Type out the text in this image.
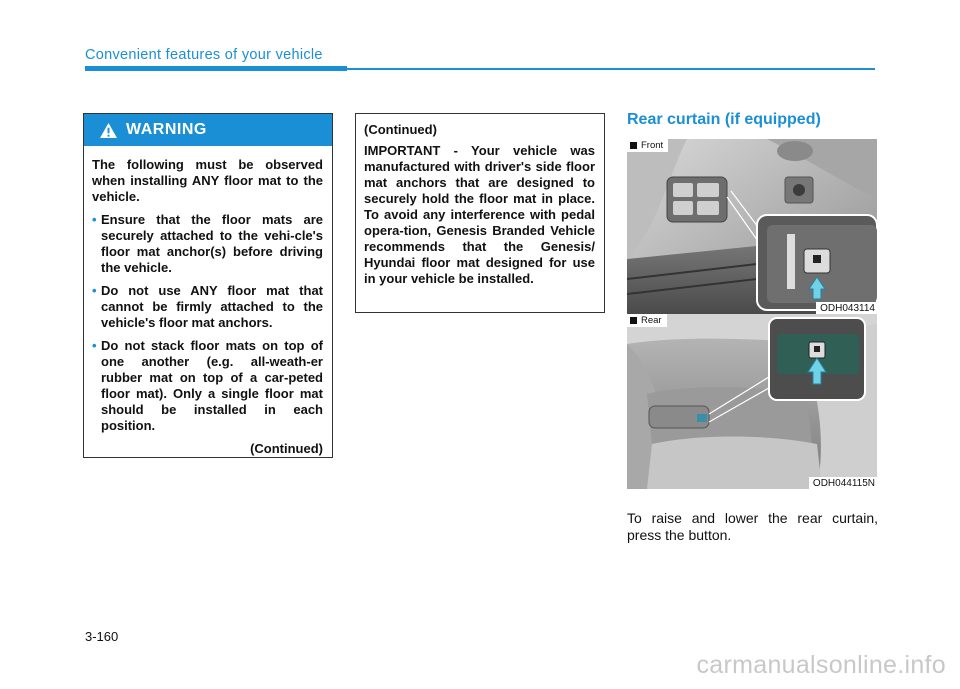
Convenient features of your vehicle
WARNING

The following must be observed when installing ANY floor mat to the vehicle.

• Ensure that the floor mats are securely attached to the vehi-cle's floor mat anchor(s) before driving the vehicle.
• Do not use ANY floor mat that cannot be firmly attached to the vehicle's floor mat anchors.
• Do not stack floor mats on top of one another (e.g. all-weath-er rubber mat on top of a car-peted floor mat). Only a single floor mat should be installed in each position.
(Continued)
(Continued)
IMPORTANT - Your vehicle was manufactured with driver's side floor mat anchors that are designed to securely hold the floor mat in place. To avoid any interference with pedal opera-tion, Genesis Branded Vehicle recommends that the Genesis/ Hyundai floor mat designed for use in your vehicle be installed.
Rear curtain (if equipped)
Front
ODH043114
Rear
ODH044115N
To raise and lower the rear curtain, press the button.
3-160
carmanualsonline.info
